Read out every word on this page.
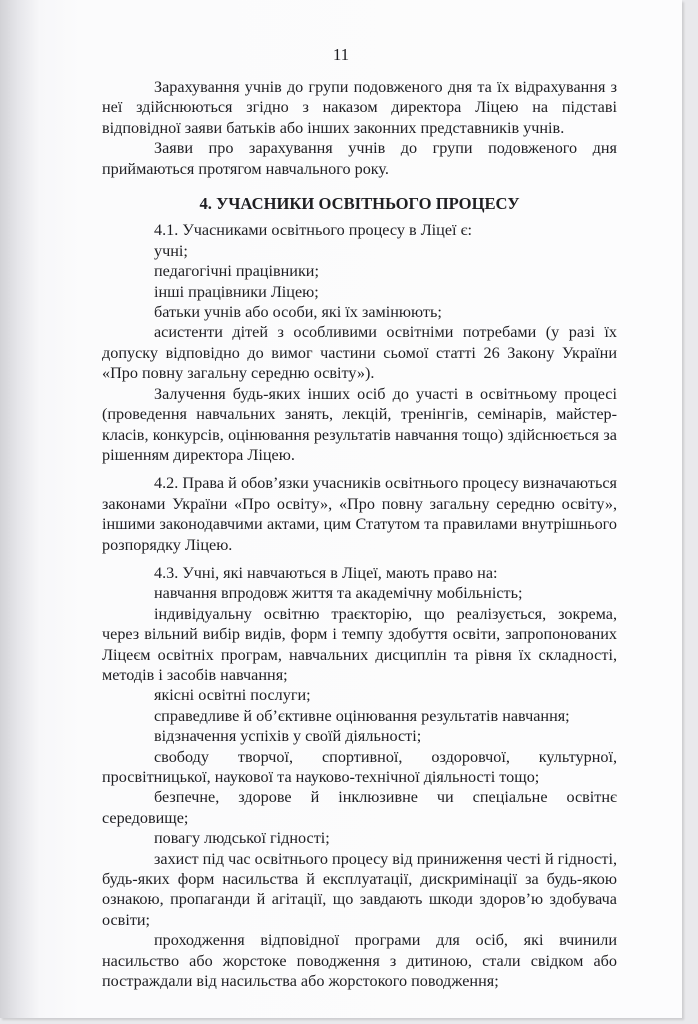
11

Зарахування учнів до групи подовженого дня та їх відрахування з неї здійснюються згідно з наказом директора Ліцею на підставі відповідної заяви батьків або інших законних представників учнів.

Заяви про зарахування учнів до групи подовженого дня приймаються протягом навчального року.

4. УЧАСНИКИ ОСВІТНЬОГО ПРОЦЕСУ

4.1. Учасниками освітнього процесу в Ліцеї є:

учні;

педагогічні працівники;

інші працівники Ліцею;

батьки учнів або особи, які їх замінюють;

асистенти дітей з особливими освітніми потребами (у разі їх допуску відповідно до вимог частини сьомої статті 26 Закону України «Про повну загальну середню освіту»).

Залучення будь-яких інших осіб до участі в освітньому процесі (проведення навчальних занять, лекцій, тренінгів, семінарів, майстер-класів, конкурсів, оцінювання результатів навчання тощо) здійснюється за рішенням директора Ліцею.

4.2. Права й обов’язки учасників освітнього процесу визначаються законами України «Про освіту», «Про повну загальну середню освіту», іншими законодавчими актами, цим Статутом та правилами внутрішнього розпорядку Ліцею.

4.3. Учні, які навчаються в Ліцеї, мають право на:

навчання впродовж життя та академічну мобільність;

індивідуальну освітню траєкторію, що реалізується, зокрема, через вільний вибір видів, форм і темпу здобуття освіти, запропонованих Ліцеєм освітніх програм, навчальних дисциплін та рівня їх складності, методів і засобів навчання;

якісні освітні послуги;

справедливе й об’єктивне оцінювання результатів навчання;

відзначення успіхів у своїй діяльності;

свободу творчої, спортивної, оздоровчої, культурної, просвітницької, наукової та науково-технічної діяльності тощо;

безпечне, здорове й інклюзивне чи спеціальне освітнє середовище;

повагу людської гідності;

захист під час освітнього процесу від приниження честі й гідності, будь-яких форм насильства й експлуатації, дискримінації за будь-якою ознакою, пропаганди й агітації, що завдають шкоди здоров’ю здобувача освіти;

проходження відповідної програми для осіб, які вчинили насильство або жорстоке поводження з дитиною, стали свідком або постраждали від насильства або жорстокого поводження;
